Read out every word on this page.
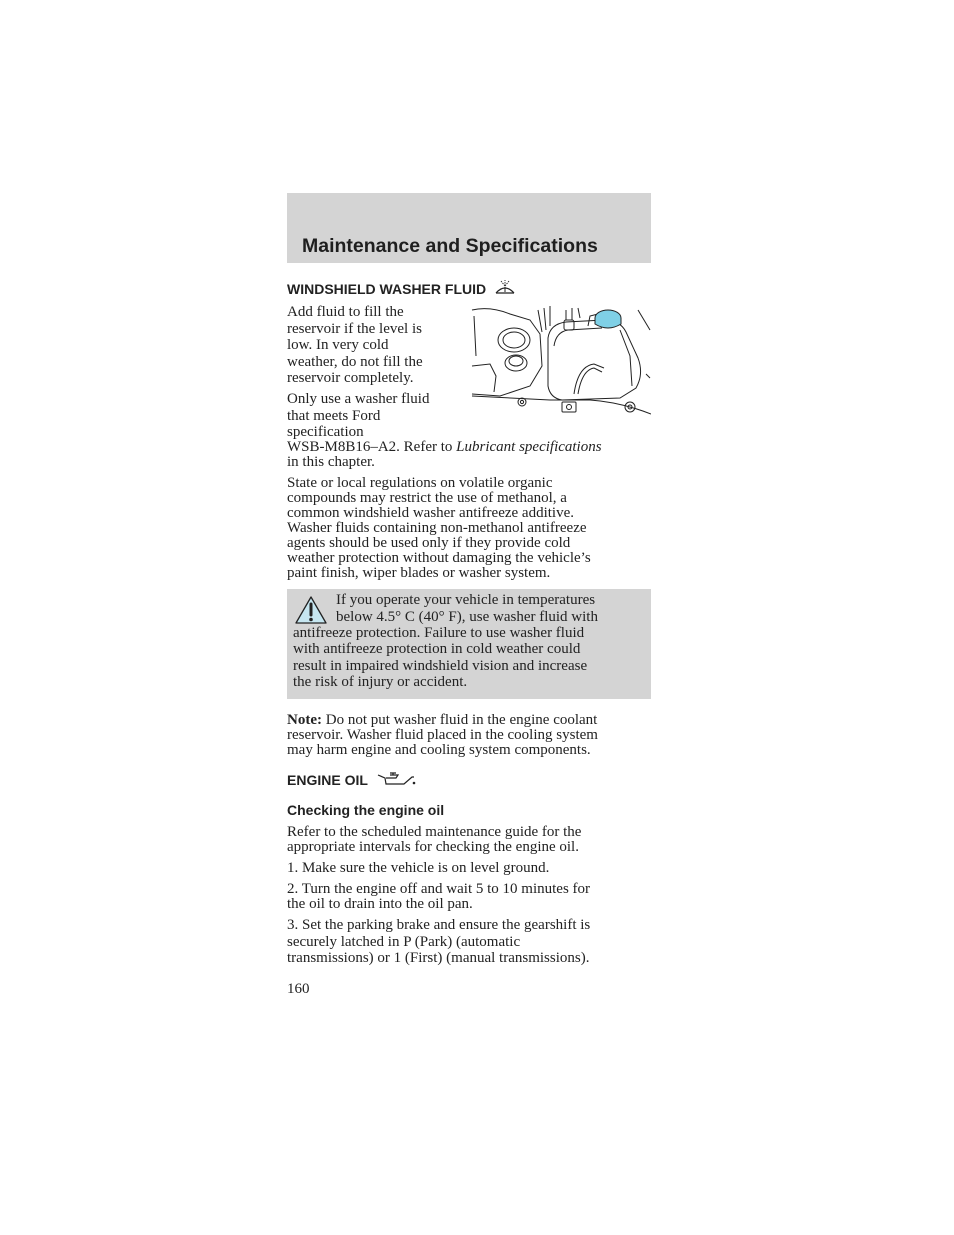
Maintenance and Specifications
WINDSHIELD WASHER FLUID
Add fluid to fill the
reservoir if the level is
low. In very cold
weather, do not fill the
reservoir completely.
Only use a washer fluid
that meets Ford
specification
WSB-M8B16–A2. Refer to Lubricant specifications
in this chapter.
State or local regulations on volatile organic
compounds may restrict the use of methanol, a
common windshield washer antifreeze additive.
Washer fluids containing non-methanol antifreeze
agents should be used only if they provide cold
weather protection without damaging the vehicle’s
paint finish, wiper blades or washer system.
If you operate your vehicle in temperatures
below 4.5° C (40° F), use washer fluid with
antifreeze protection. Failure to use washer fluid
with antifreeze protection in cold weather could
result in impaired windshield vision and increase
the risk of injury or accident.
Note: Do not put washer fluid in the engine coolant
reservoir. Washer fluid placed in the cooling system
may harm engine and cooling system components.
ENGINE OIL
Checking the engine oil
Refer to the scheduled maintenance guide for the
appropriate intervals for checking the engine oil.
1. Make sure the vehicle is on level ground.
2. Turn the engine off and wait 5 to 10 minutes for
the oil to drain into the oil pan.
3. Set the parking brake and ensure the gearshift is
securely latched in P (Park) (automatic
transmissions) or 1 (First) (manual transmissions).
160
